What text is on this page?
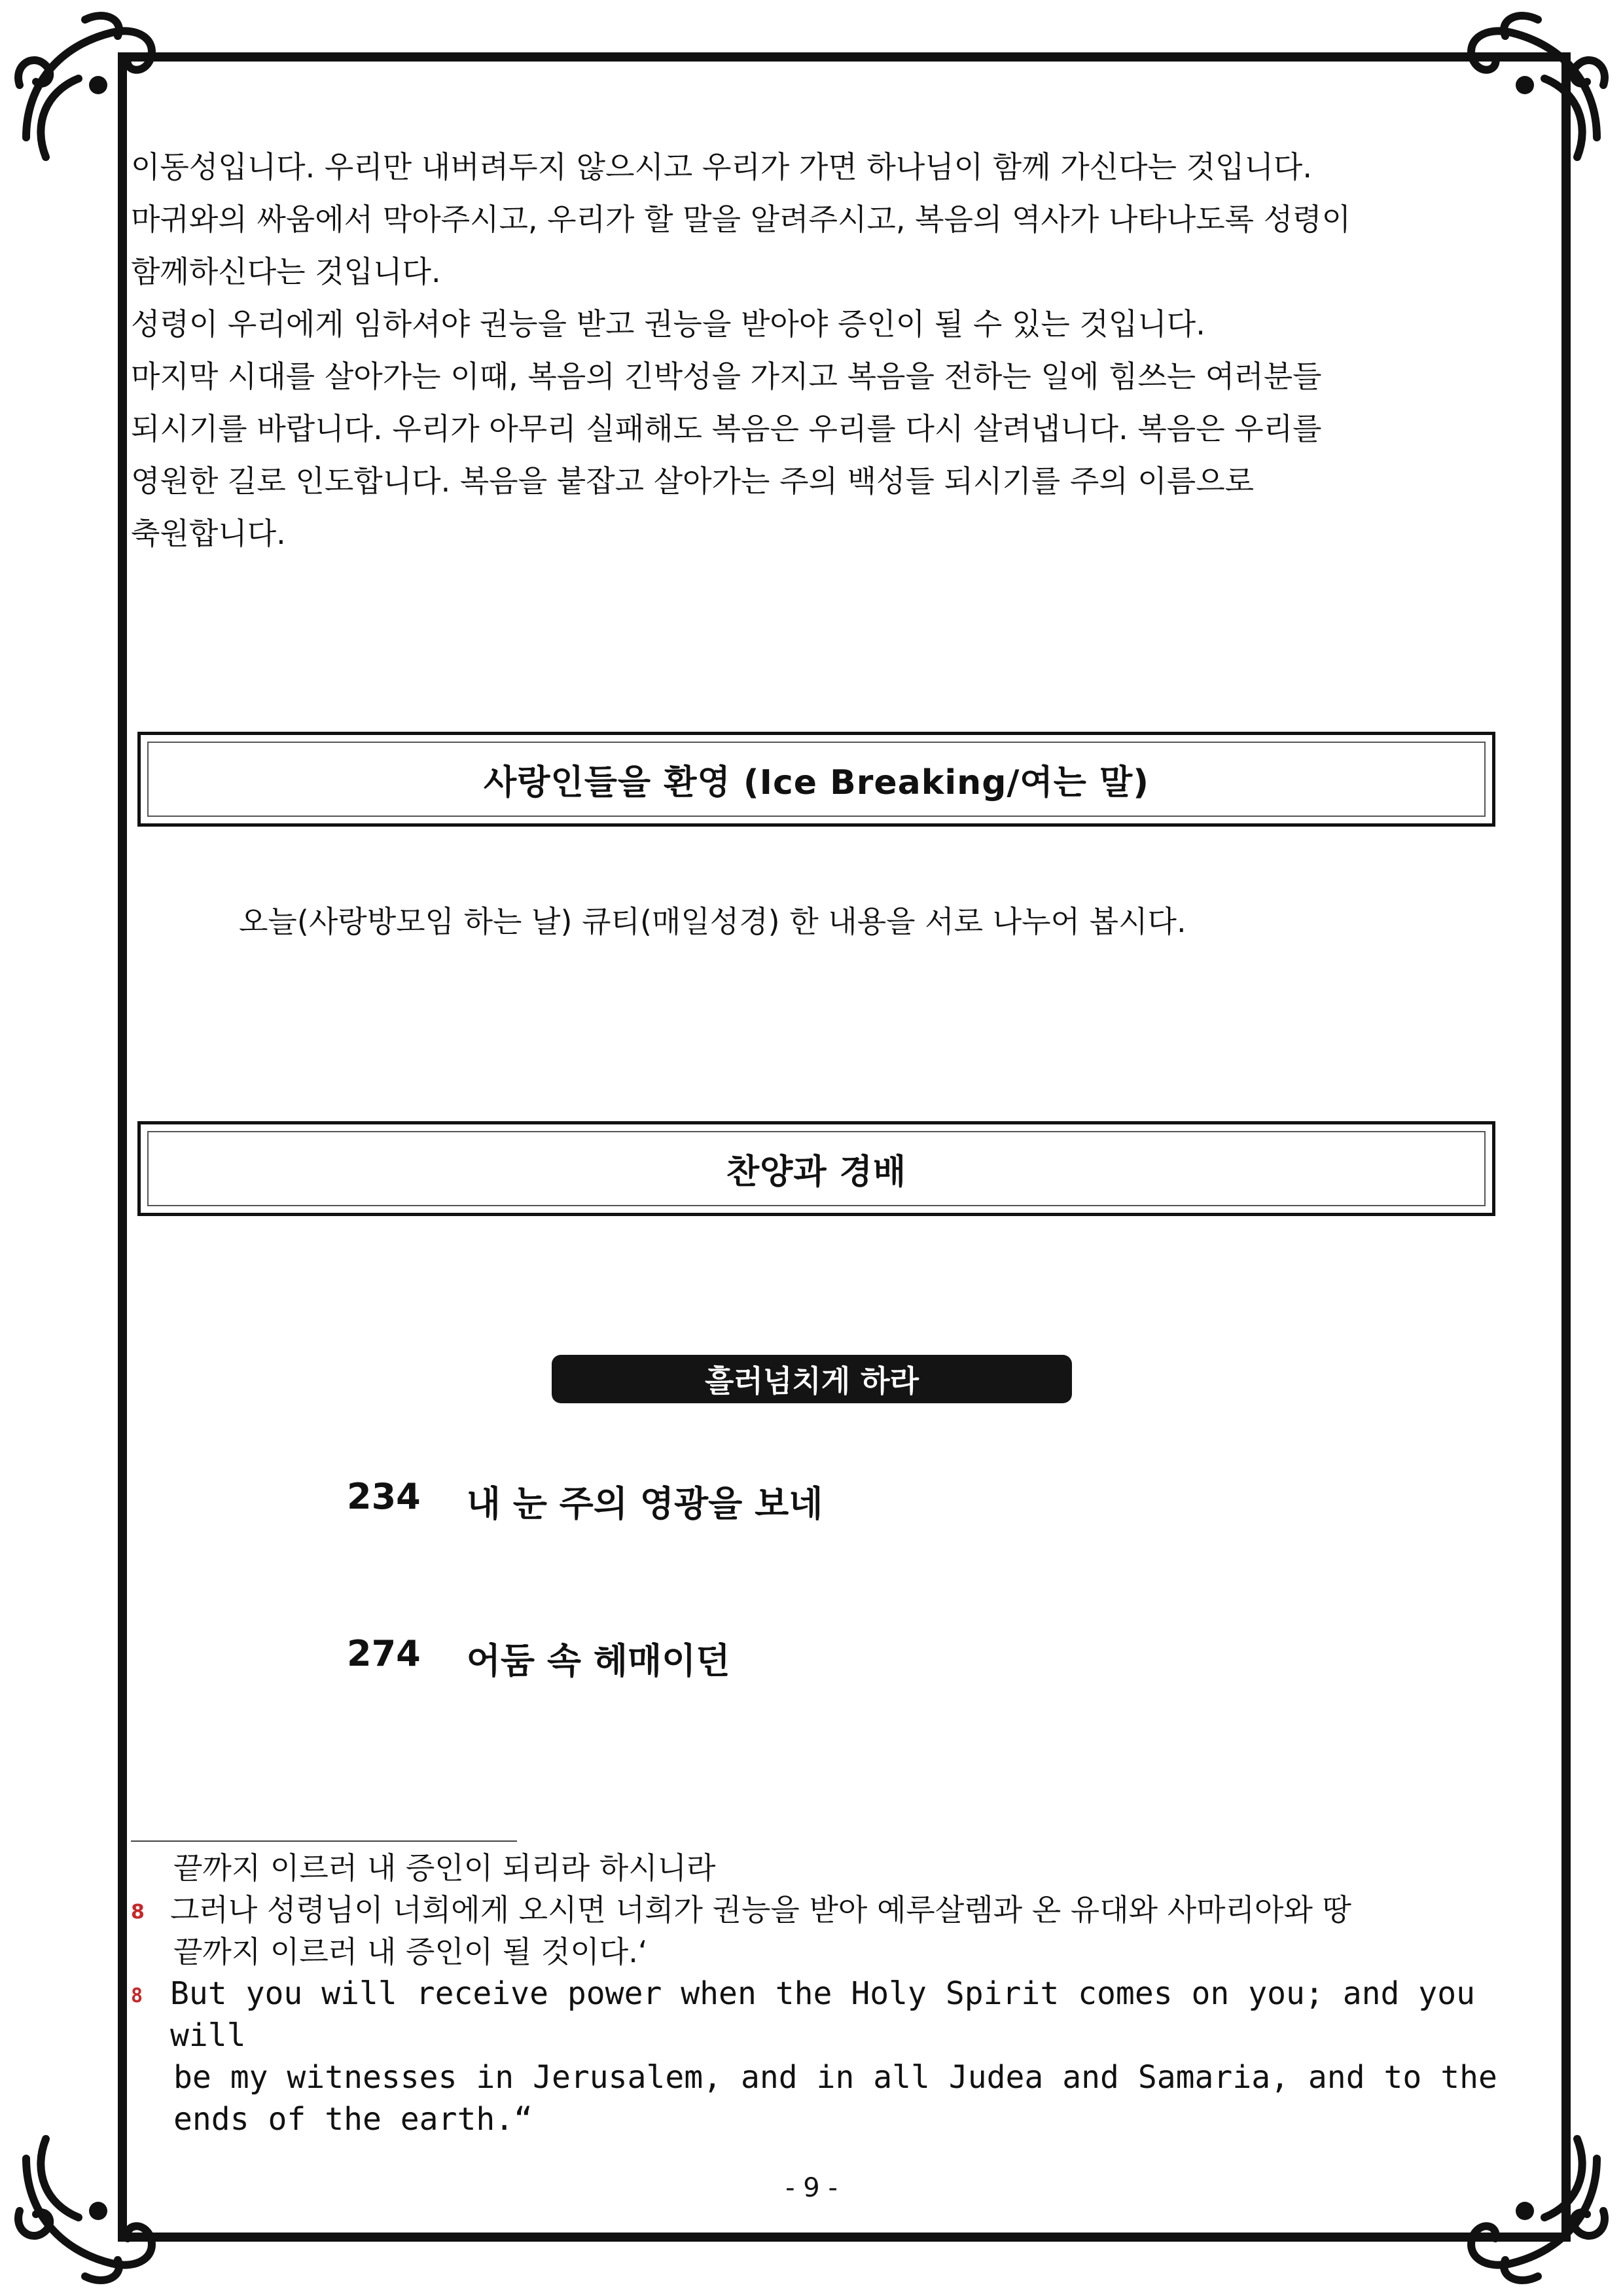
이동성입니다. 우리만 내버려두지 않으시고 우리가 가면 하나님이 함께 가신다는 것입니다.

마귀와의 싸움에서 막아주시고, 우리가 할 말을 알려주시고, 복음의 역사가 나타나도록 성령이

함께하신다는 것입니다.

성령이 우리에게 임하셔야 권능을 받고 권능을 받아야 증인이 될 수 있는 것입니다.

마지막 시대를 살아가는 이때, 복음의 긴박성을 가지고 복음을 전하는 일에 힘쓰는 여러분들

되시기를 바랍니다. 우리가 아무리 실패해도 복음은 우리를 다시 살려냅니다. 복음은 우리를

영원한 길로 인도합니다. 복음을 붙잡고 살아가는 주의 백성들 되시기를 주의 이름으로

축원합니다.

사랑인들을 환영 (Ice Breaking/여는 말)
오늘(사랑방모임 하는 날) 큐티(매일성경) 한 내용을 서로 나누어 봅시다.
찬양과 경배
흘러넘치게 하라
234 내 눈 주의 영광을 보네
274 어둠 속 헤매이던
끝까지 이르러 내 증인이 되리라 하시니라
8 그러나 성령님이 너희에게 오시면 너희가 권능을 받아 예루살렘과 온 유대와 사마리아와 땅
끝까지 이르러 내 증인이 될 것이다.‘
8 But you will receive power when the Holy Spirit comes on you; and you will
be my witnesses in Jerusalem, and in all Judea and Samaria, and to the
ends of the earth.“
- 9 -
